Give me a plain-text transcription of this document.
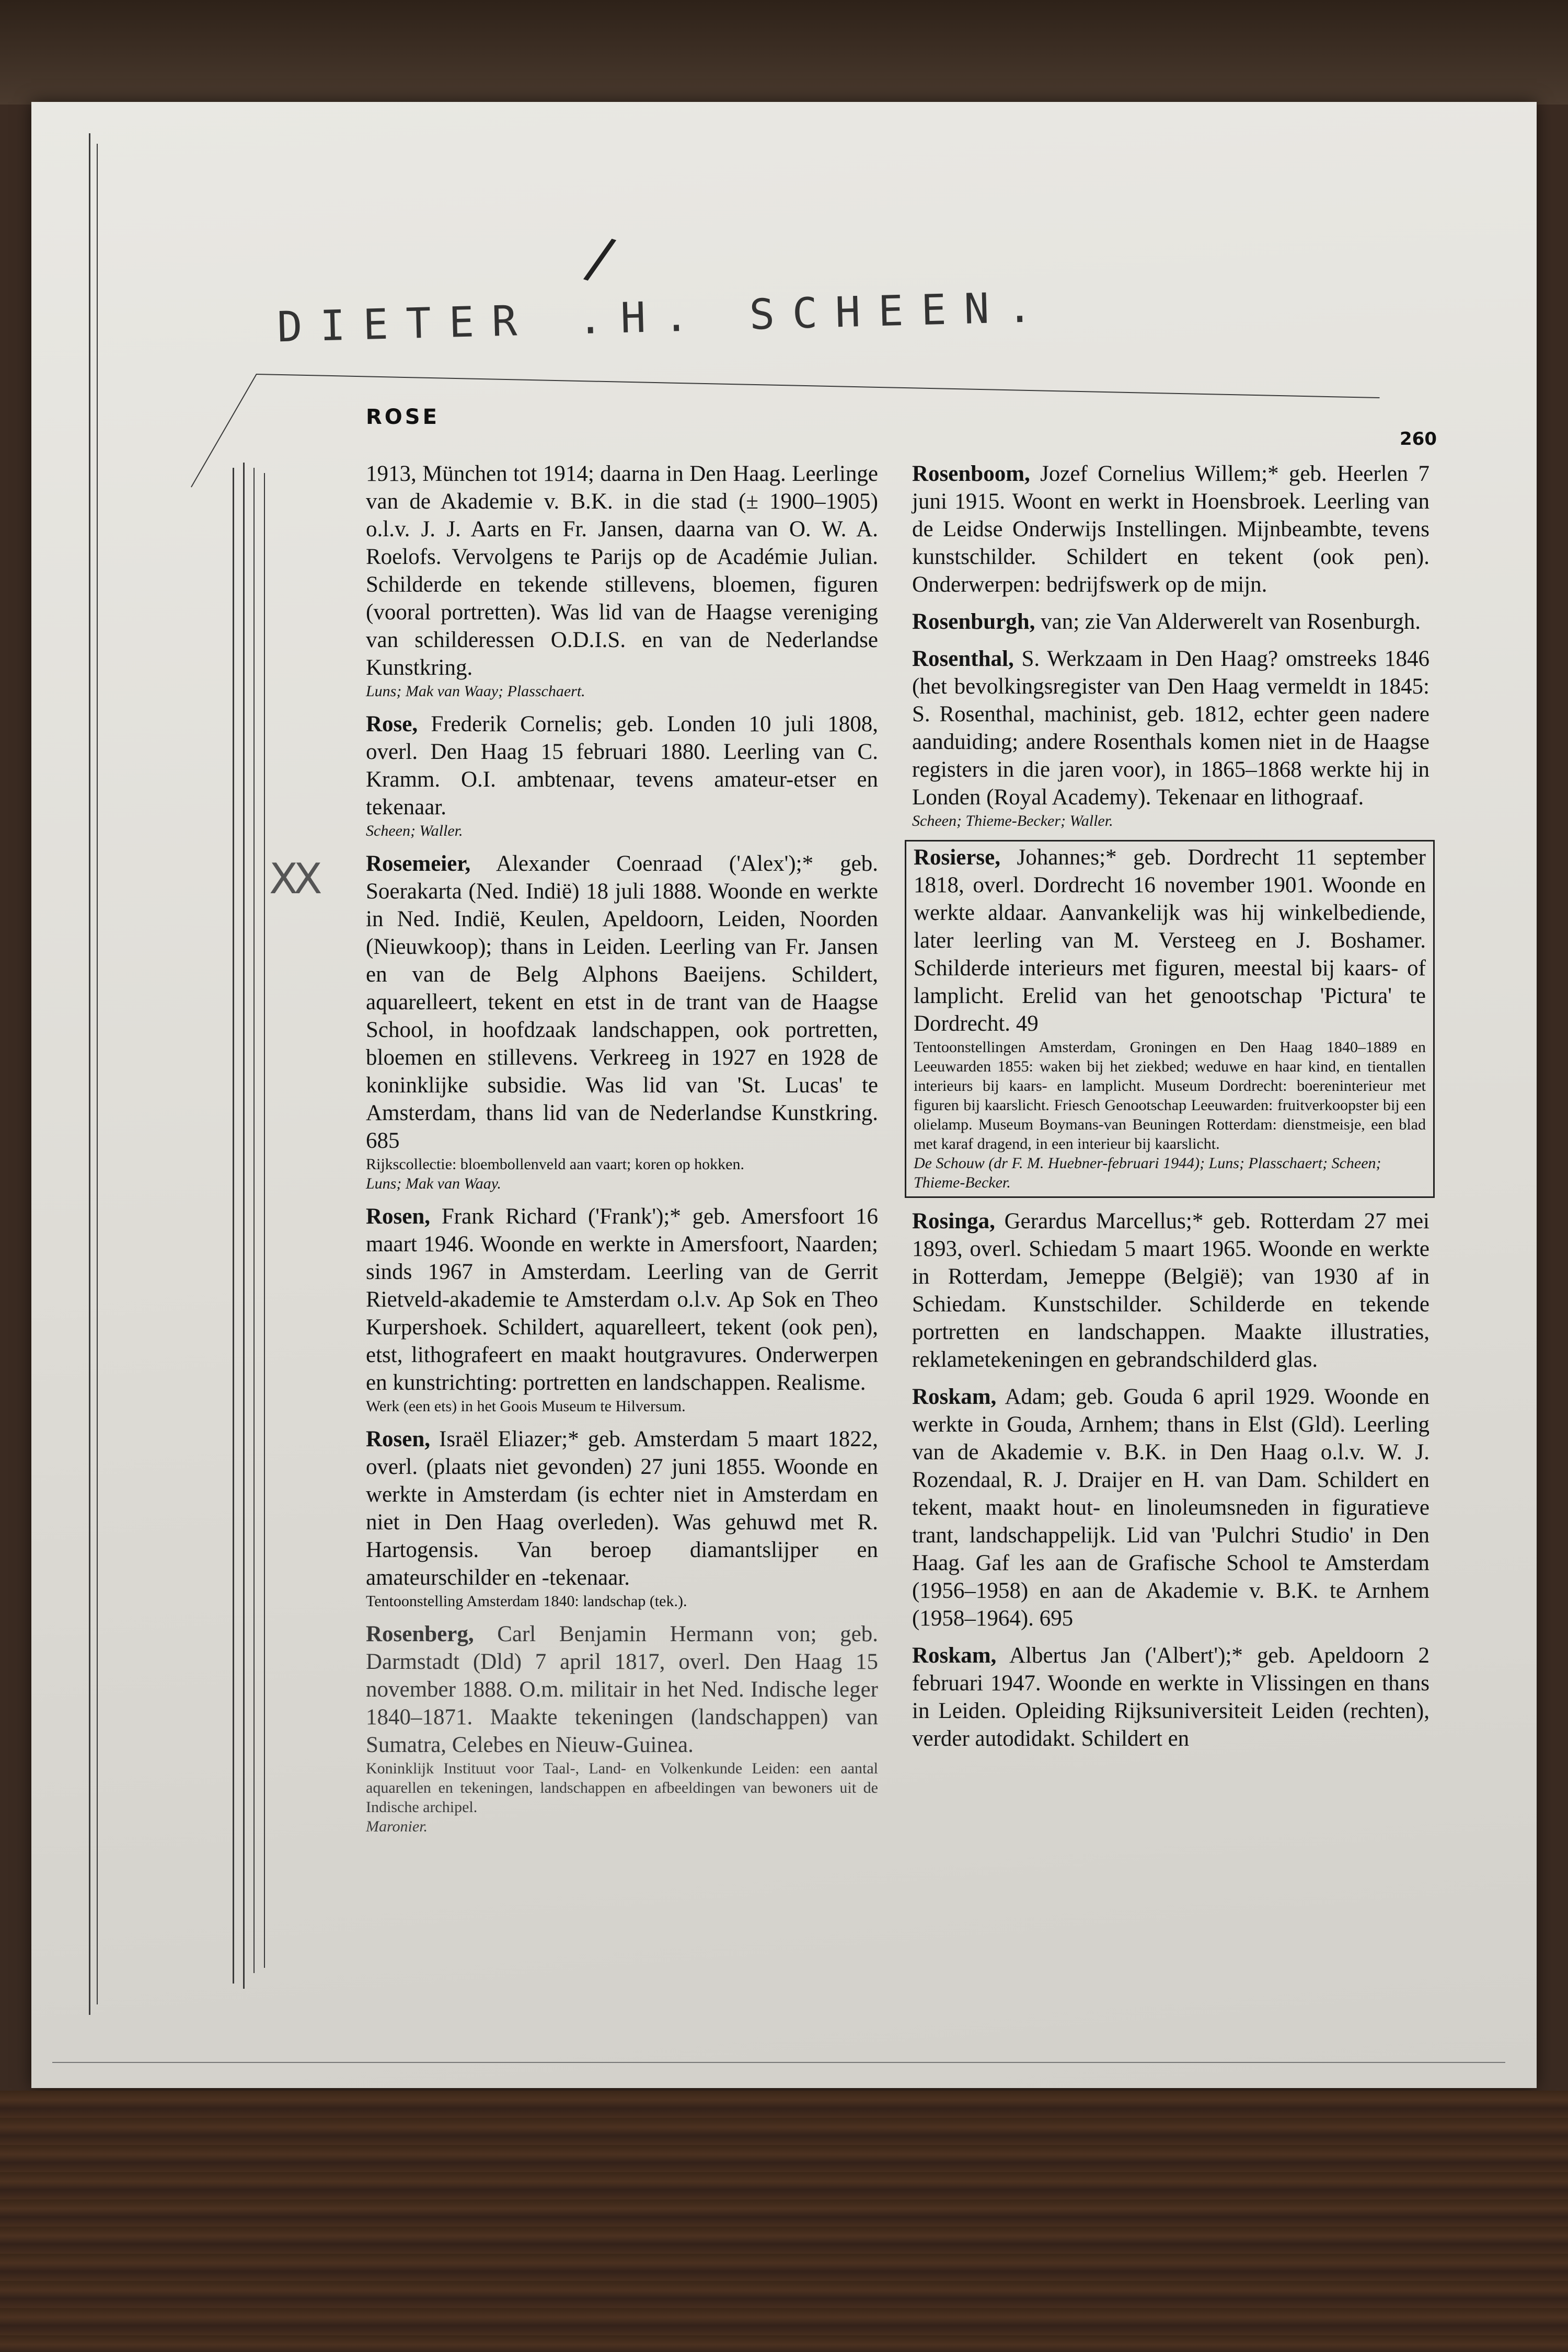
/
DIETER .H. SCHEEN.
ROSE
260
XX
1913, München tot 1914; daarna in Den Haag. Leerlinge van de Akademie v. B.K. in die stad (± 1900–1905) o.l.v. J. J. Aarts en Fr. Jansen, daarna van O. W. A. Roelofs. Vervolgens te Parijs op de Académie Julian. Schilderde en tekende stillevens, bloemen, figuren (vooral portretten). Was lid van de Haagse vereniging van schilderessen O.D.I.S. en van de Nederlandse Kunstkring.
Luns; Mak van Waay; Plasschaert.
Rose, Frederik Cornelis; geb. Londen 10 juli 1808, overl. Den Haag 15 februari 1880. Leerling van C. Kramm. O.I. ambtenaar, tevens amateur-etser en tekenaar.
Scheen; Waller.
Rosemeier, Alexander Coenraad ('Alex');* geb. Soerakarta (Ned. Indië) 18 juli 1888. Woonde en werkte in Ned. Indië, Keulen, Apeldoorn, Leiden, Noorden (Nieuwkoop); thans in Leiden. Leerling van Fr. Jansen en van de Belg Alphons Baeijens. Schildert, aquarelleert, tekent en etst in de trant van de Haagse School, in hoofdzaak landschappen, ook portretten, bloemen en stillevens. Verkreeg in 1927 en 1928 de koninklijke subsidie. Was lid van 'St. Lucas' te Amsterdam, thans lid van de Nederlandse Kunstkring. 685
Rijkscollectie: bloembollenveld aan vaart; koren op hokken.
Luns; Mak van Waay.
Rosen, Frank Richard ('Frank');* geb. Amersfoort 16 maart 1946. Woonde en werkte in Amersfoort, Naarden; sinds 1967 in Amsterdam. Leerling van de Gerrit Rietveld-akademie te Amsterdam o.l.v. Ap Sok en Theo Kurpershoek. Schildert, aquarelleert, tekent (ook pen), etst, lithografeert en maakt houtgravures. Onderwerpen en kunstrichting: portretten en landschappen. Realisme.
Werk (een ets) in het Goois Museum te Hilversum.
Rosen, Israël Eliazer;* geb. Amsterdam 5 maart 1822, overl. (plaats niet gevonden) 27 juni 1855. Woonde en werkte in Amsterdam (is echter niet in Amsterdam en niet in Den Haag overleden). Was gehuwd met R. Hartogensis. Van beroep diamantslijper en amateurschilder en -tekenaar.
Tentoonstelling Amsterdam 1840: landschap (tek.).
Rosenberg, Carl Benjamin Hermann von; geb. Darmstadt (Dld) 7 april 1817, overl. Den Haag 15 november 1888. O.m. militair in het Ned. Indische leger 1840–1871. Maakte tekeningen (landschappen) van Sumatra, Celebes en Nieuw-Guinea.
Koninklijk Instituut voor Taal-, Land- en Volkenkunde Leiden: een aantal aquarellen en tekeningen, landschappen en afbeeldingen van bewoners uit de Indische archipel.
Maronier.
Rosenboom, Jozef Cornelius Willem;* geb. Heerlen 7 juni 1915. Woont en werkt in Hoensbroek. Leerling van de Leidse Onderwijs Instellingen. Mijnbeambte, tevens kunstschilder. Schildert en tekent (ook pen). Onderwerpen: bedrijfswerk op de mijn.
Rosenburgh, van; zie Van Alderwerelt van Rosenburgh.
Rosenthal, S. Werkzaam in Den Haag? omstreeks 1846 (het bevolkingsregister van Den Haag vermeldt in 1845: S. Rosenthal, machinist, geb. 1812, echter geen nadere aanduiding; andere Rosenthals komen niet in de Haagse registers in die jaren voor), in 1865–1868 werkte hij in Londen (Royal Academy). Tekenaar en lithograaf.
Scheen; Thieme-Becker; Waller.
Rosierse, Johannes;* geb. Dordrecht 11 september 1818, overl. Dordrecht 16 november 1901. Woonde en werkte aldaar. Aanvankelijk was hij winkelbediende, later leerling van M. Versteeg en J. Boshamer. Schilderde interieurs met figuren, meestal bij kaars- of lamplicht. Erelid van het genootschap 'Pictura' te Dordrecht. 49
Tentoonstellingen Amsterdam, Groningen en Den Haag 1840–1889 en Leeuwarden 1855: waken bij het ziekbed; weduwe en haar kind, en tientallen interieurs bij kaars- en lamplicht. Museum Dordrecht: boereninterieur met figuren bij kaarslicht. Friesch Genootschap Leeuwarden: fruitverkoopster bij een olielamp. Museum Boymans-van Beuningen Rotterdam: dienstmeisje, een blad met karaf dragend, in een interieur bij kaarslicht.
De Schouw (dr F. M. Huebner-februari 1944); Luns; Plasschaert; Scheen; Thieme-Becker.
Rosinga, Gerardus Marcellus;* geb. Rotterdam 27 mei 1893, overl. Schiedam 5 maart 1965. Woonde en werkte in Rotterdam, Jemeppe (België); van 1930 af in Schiedam. Kunstschilder. Schilderde en tekende portretten en landschappen. Maakte illustraties, reklametekeningen en gebrandschilderd glas.
Roskam, Adam; geb. Gouda 6 april 1929. Woonde en werkte in Gouda, Arnhem; thans in Elst (Gld). Leerling van de Akademie v. B.K. in Den Haag o.l.v. W. J. Rozendaal, R. J. Draijer en H. van Dam. Schildert en tekent, maakt hout- en linoleumsneden in figuratieve trant, landschappelijk. Lid van 'Pulchri Studio' in Den Haag. Gaf les aan de Grafische School te Amsterdam (1956–1958) en aan de Akademie v. B.K. te Arnhem (1958–1964). 695
Roskam, Albertus Jan ('Albert');* geb. Apeldoorn 2 februari 1947. Woonde en werkte in Vlissingen en thans in Leiden. Opleiding Rijksuniversiteit Leiden (rechten), verder autodidakt. Schildert en
